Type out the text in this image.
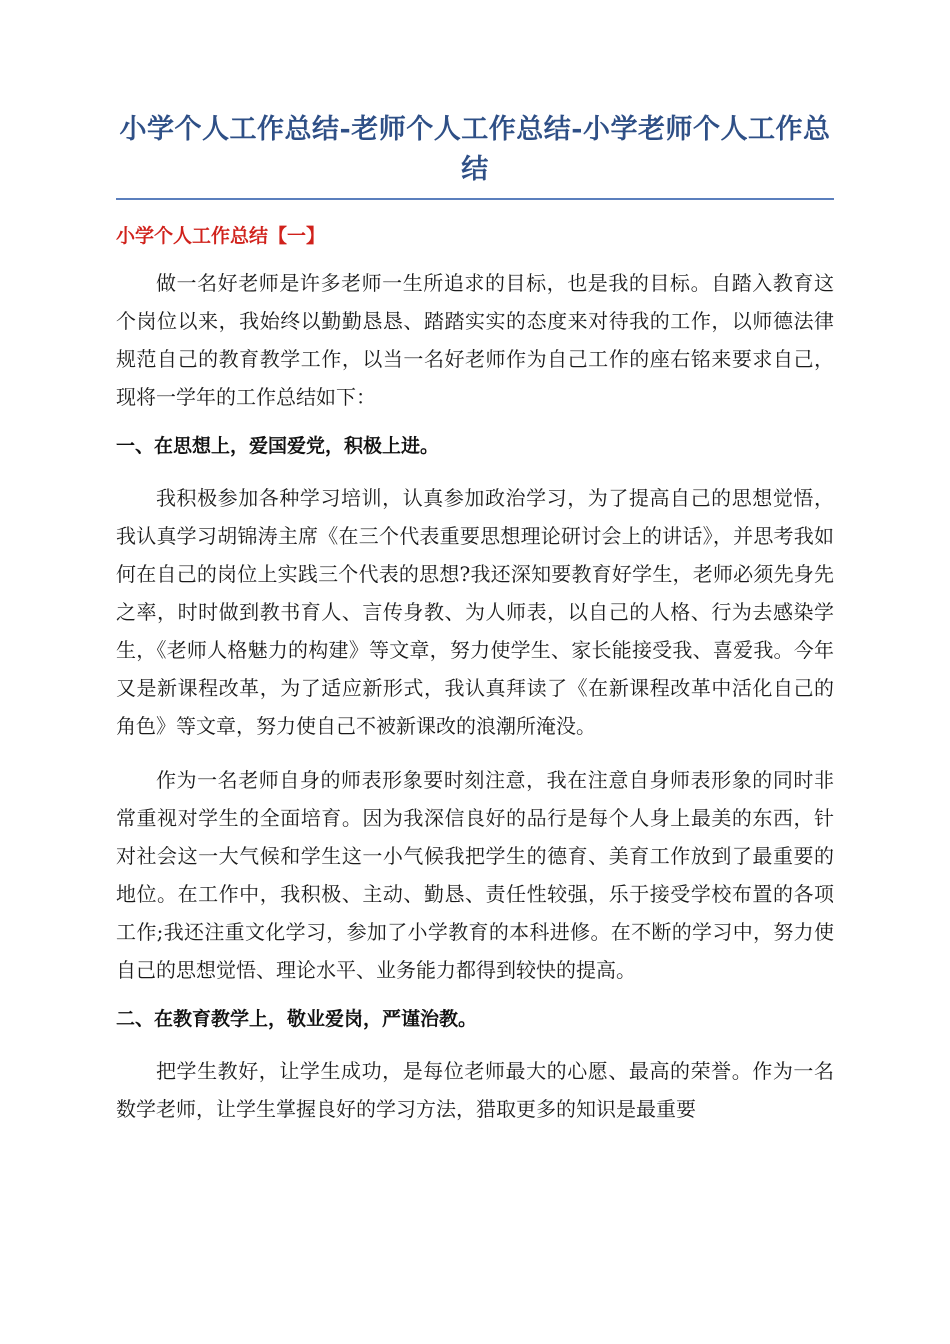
小学个人工作总结-老师个人工作总结-小学老师个人工作总结
小学个人工作总结【一】

做一名好老师是许多老师一生所追求的目标，也是我的目标。自踏入教育这个岗位以来，我始终以勤勤恳恳、踏踏实实的态度来对待我的工作，以师德法律规范自己的教育教学工作，以当一名好老师作为自己工作的座右铭来要求自己，现将一学年的工作总结如下：

一、在思想上，爱国爱党，积极上进。

我积极参加各种学习培训，认真参加政治学习，为了提高自己的思想觉悟，我认真学习胡锦涛主席《在三个代表重要思想理论研讨会上的讲话》，并思考我如何在自己的岗位上实践三个代表的思想?我还深知要教育好学生，老师必须先身先之率，时时做到教书育人、言传身教、为人师表，以自己的人格、行为去感染学生，《老师人格魅力的构建》等文章，努力使学生、家长能接受我、喜爱我。今年又是新课程改革，为了适应新形式，我认真拜读了《在新课程改革中活化自己的角色》等文章，努力使自己不被新课改的浪潮所淹没。

作为一名老师自身的师表形象要时刻注意，我在注意自身师表形象的同时非常重视对学生的全面培育。因为我深信良好的品行是每个人身上最美的东西，针对社会这一大气候和学生这一小气候我把学生的德育、美育工作放到了最重要的地位。在工作中，我积极、主动、勤恳、责任性较强，乐于接受学校布置的各项工作;我还注重文化学习，参加了小学教育的本科进修。在不断的学习中，努力使自己的思想觉悟、理论水平、业务能力都得到较快的提高。

二、在教育教学上，敬业爱岗，严谨治教。

把学生教好，让学生成功，是每位老师最大的心愿、最高的荣誉。作为一名数学老师，让学生掌握良好的学习方法，猎取更多的知识是最重要
